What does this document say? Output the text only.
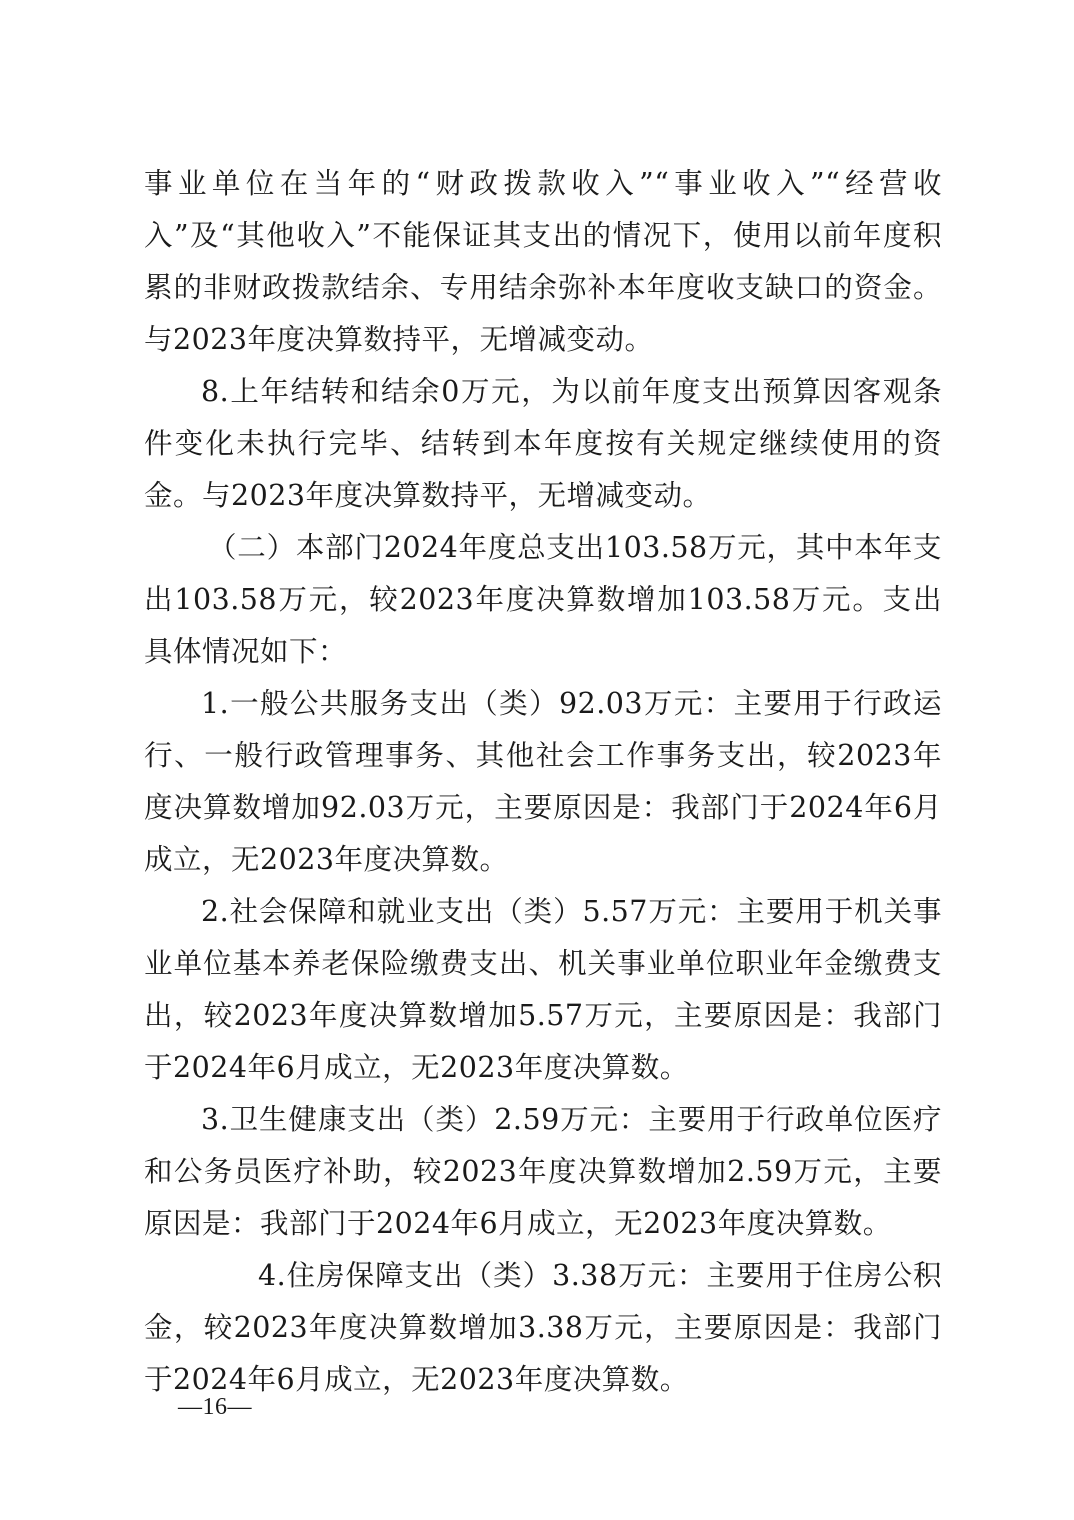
事业单位在当年的“财政拨款收入”“事业收入”“经营收入”及“其他收入”不能保证其支出的情况下，使用以前年度积累的非财政拨款结余、专用结余弥补本年度收支缺口的资金。与2023年度决算数持平，无增减变动。

8.上年结转和结余0万元，为以前年度支出预算因客观条件变化未执行完毕、结转到本年度按有关规定继续使用的资金。与2023年度决算数持平，无增减变动。

（二）本部门2024年度总支出103.58万元，其中本年支出103.58万元，较2023年度决算数增加103.58万元。支出具体情况如下：

1.一般公共服务支出（类）92.03万元：主要用于行政运行、一般行政管理事务、其他社会工作事务支出，较2023年度决算数增加92.03万元，主要原因是：我部门于2024年6月成立，无2023年度决算数。

2.社会保障和就业支出（类）5.57万元：主要用于机关事业单位基本养老保险缴费支出、机关事业单位职业年金缴费支出，较2023年度决算数增加5.57万元，主要原因是：我部门于2024年6月成立，无2023年度决算数。

3.卫生健康支出（类）2.59万元：主要用于行政单位医疗和公务员医疗补助，较2023年度决算数增加2.59万元，主要原因是：我部门于2024年6月成立，无2023年度决算数。

4.住房保障支出（类）3.38万元：主要用于住房公积金，较2023年度决算数增加3.38万元，主要原因是：我部门于2024年6月成立，无2023年度决算数。

—16—
